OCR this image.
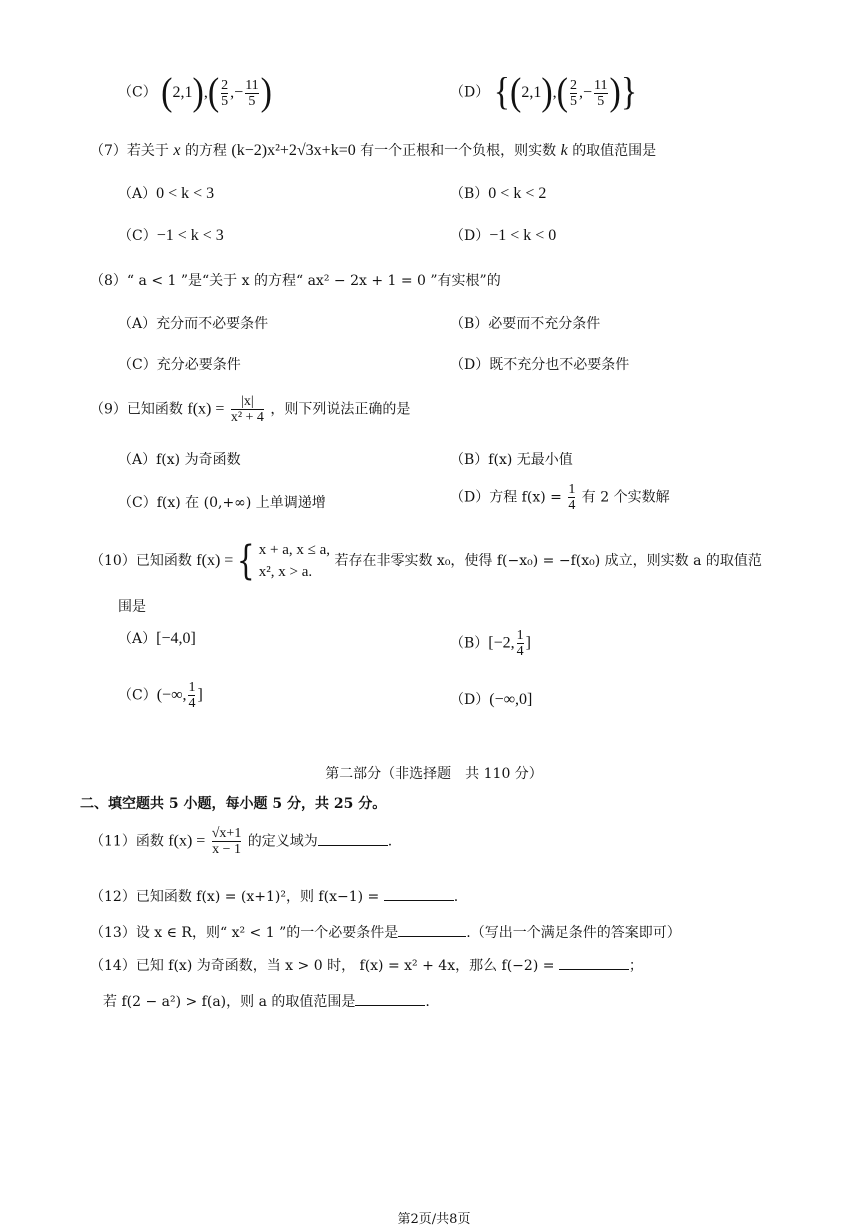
（C） $(2,1),( \frac{2}{5}$ ,− $\frac{11}{5}$ )	（D） {$(2,1),( \frac{2}{5}$ ,− $\frac{11}{5}$ )}
（7）若关于 x 的方程 (k−2)x²+2√3x+k=0 有一个正根和一个负根，则实数 k 的取值范围是
（A）0 < k < 3	（B）0 < k < 2
（C）−1 < k < 3	（D）−1 < k < 0
（8）“ a < 1 ”是“关于 x 的方程“ ax² − 2x + 1 = 0 ”有实根”的
（A）充分而不必要条件	（B）必要而不充分条件
（C）充分必要条件	（D）既不充分也不必要条件
（9）已知函数 $f(x) = \frac{|x|}{\text{x² + 4}}$ ，则下列说法正确的是
（A）f(x) 为奇函数	（B）f(x) 无最小值
（C）f(x) 在 (0,+∞) 上单调递增	（D）方程 $f(x) = \frac{1}{4}$ 有 2 个实数解
（10）已知函数 f(x) ={ x + a, x ≤ a,
x², x > a.
若存在非零实数 x₀，使得 f(−x₀) = −f(x₀) 成立，则实数 a 的取值范
围是
（A）[−4,0]	（B）[−2, $\frac{1}{4}$ ]
（C）(−∞, $\frac{1}{4}$ ]	（D）(−∞,0]
第二部分（非选择题　共 110 分）
二、填空题共 5 小题，每小题 5 分，共 25 分。
（11）函数 $f(x) = \frac{√x+1}{x - 1}$ 的定义域为	.
（12）已知函数 f(x) = (x+1)²，则 f(x−1) =	.
（13）设 x ∈ R，则“ x² < 1 ”的一个必要条件是	.（写出一个满足条件的答案即可）
（14）已知 f(x) 为奇函数，当 x > 0 时， f(x) = x² + 4x，那么 f(−2) =	；
若 f(2 − a²) > f(a)，则 a 的取值范围是	.
第2页/共8页
